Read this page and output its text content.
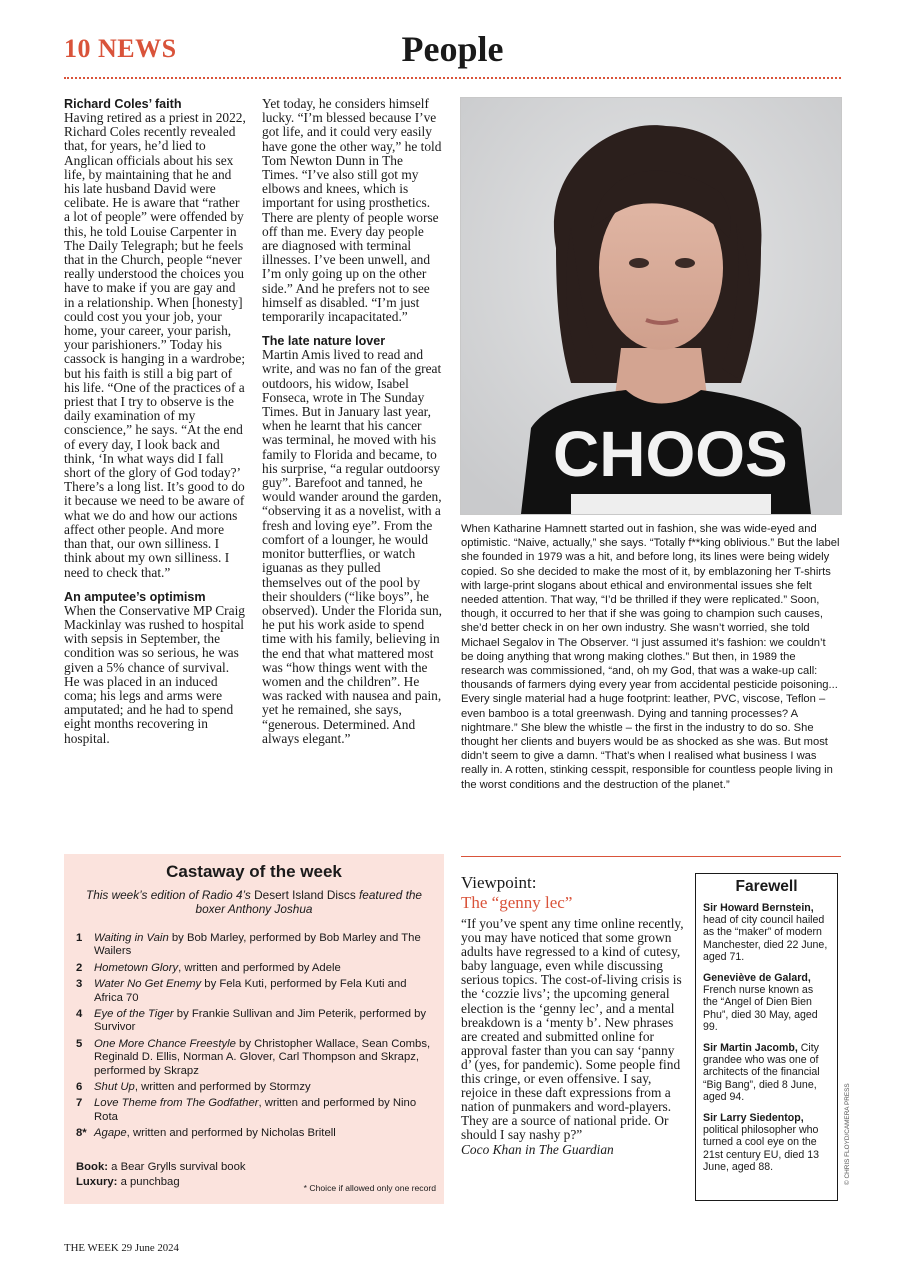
10 NEWS	People

Richard Coles’ faith

Having retired as a priest in 2022, Richard Coles recently revealed that, for years, he’d lied to Anglican officials about his sex life, by maintaining that he and his late husband David were celibate. He is aware that “rather a lot of people” were offended by this, he told Louise Carpenter in The Daily Telegraph; but he feels that in the Church, people “never really understood the choices you have to make if you are gay and in a relationship. When [honesty] could cost you your job, your home, your career, your parish, your parishioners.” Today his cassock is hanging in a wardrobe; but his faith is still a big part of his life. “One of the practices of a priest that I try to observe is the daily examination of my conscience,” he says. “At the end of every day, I look back and think, ‘In what ways did I fall short of the glory of God today?’ There’s a long list. It’s good to do it because we need to be aware of what we do and how our actions affect other people. And more than that, our own silliness. I think about my own silliness. I need to check that.”

An amputee’s optimism

When the Conservative MP Craig Mackinlay was rushed to hospital with sepsis in September, the condition was so serious, he was given a 5% chance of survival. He was placed in an induced coma; his legs and arms were amputated; and he had to spend eight months recovering in hospital.

Yet today, he considers himself lucky. “I’m blessed because I’ve got life, and it could very easily have gone the other way,” he told Tom Newton Dunn in The Times. “I’ve also still got my elbows and knees, which is important for using prosthetics. There are plenty of people worse off than me. Every day people are diagnosed with terminal illnesses. I’ve been unwell, and I’m only going up on the other side.” And he prefers not to see himself as disabled. “I’m just temporarily incapacitated.”

The late nature lover

Martin Amis lived to read and write, and was no fan of the great outdoors, his widow, Isabel Fonseca, wrote in The Sunday Times. But in January last year, when he learnt that his cancer was terminal, he moved with his family to Florida and became, to his surprise, “a regular outdoorsy guy”. Barefoot and tanned, he would wander around the garden, “observing it as a novelist, with a fresh and loving eye”. From the comfort of a lounger, he would monitor butterflies, or watch iguanas as they pulled themselves out of the pool by their shoulders (“like boys”, he observed). Under the Florida sun, he put his work aside to spend time with his family, believing in the end that what mattered most was “how things went with the women and the children”. He was racked with nausea and pain, yet he remained, she says, “generous. Determined. And always elegant.”

CHOOS
When Katharine Hamnett started out in fashion, she was wide-eyed and optimistic. “Naive, actually,” she says. “Totally f**king oblivious.” But the label she founded in 1979 was a hit, and before long, its lines were being widely copied. So she decided to make the most of it, by emblazoning her T-shirts with large-print slogans about ethical and environmental issues she felt needed attention. That way, “I’d be thrilled if they were replicated.” Soon, though, it occurred to her that if she was going to champion such causes, she’d better check in on her own industry. She wasn’t worried, she told Michael Segalov in The Observer. “I just assumed it’s fashion: we couldn’t be doing anything that wrong making clothes.” But then, in 1989 the research was commissioned, “and, oh my God, that was a wake-up call: thousands of farmers dying every year from accidental pesticide poisoning... Every single material had a huge footprint: leather, PVC, viscose, Teflon – even bamboo is a total greenwash. Dying and tanning processes? A nightmare.” She blew the whistle – the first in the industry to do so. She thought her clients and buyers would be as shocked as she was. But most didn’t seem to give a damn. “That’s when I realised what business I was really in. A rotten, stinking cesspit, responsible for countless people living in the worst conditions and the destruction of the planet.”
Castaway of the week
This week’s edition of Radio 4’s Desert Island Discs featured the boxer Anthony Joshua
1	Waiting in Vain by Bob Marley, performed by Bob Marley and The Wailers
2	Hometown Glory, written and performed by Adele
3	Water No Get Enemy by Fela Kuti, performed by Fela Kuti and Africa 70
4	Eye of the Tiger by Frankie Sullivan and Jim Peterik, performed by Survivor
5	One More Chance Freestyle by Christopher Wallace, Sean Combs, Reginald D. Ellis, Norman A. Glover, Carl Thompson and Skrapz, performed by Skrapz
6	Shut Up, written and performed by Stormzy
7	Love Theme from The Godfather, written and performed by Nino Rota
8* Agape, written and performed by Nicholas Britell
Book: a Bear Grylls survival book
Luxury: a punchbag	* Choice if allowed only one record
Viewpoint:
The “genny lec”
“If you’ve spent any time online recently, you may have noticed that some grown adults have regressed to a kind of cutesy, baby language, even while discussing serious topics. The cost-of-living crisis is the ‘cozzie livs’; the upcoming general election is the ‘genny lec’, and a mental breakdown is a ‘menty b’. New phrases are created and submitted online for approval faster than you can say ‘panny d’ (yes, for pandemic). Some people find this cringe, or even offensive. I say, rejoice in these daft expressions from a nation of punmakers and word-players. They are a source of national pride. Or should I say nashy p?”
Coco Khan in The Guardian
Farewell
Sir Howard Bernstein, head of city council hailed as the “maker” of modern Manchester, died 22 June, aged 71.
Geneviève de Galard, French nurse known as the “Angel of Dien Bien Phu”, died 30 May, aged 99.
Sir Martin Jacomb, City grandee who was one of architects of the financial “Big Bang”, died 8 June, aged 94.
Sir Larry Siedentop, political philosopher who turned a cool eye on the 21st century EU, died 13 June, aged 88.	© CHRIS FLOYD/CAMERA PRESS
THE WEEK 29 June 2024
